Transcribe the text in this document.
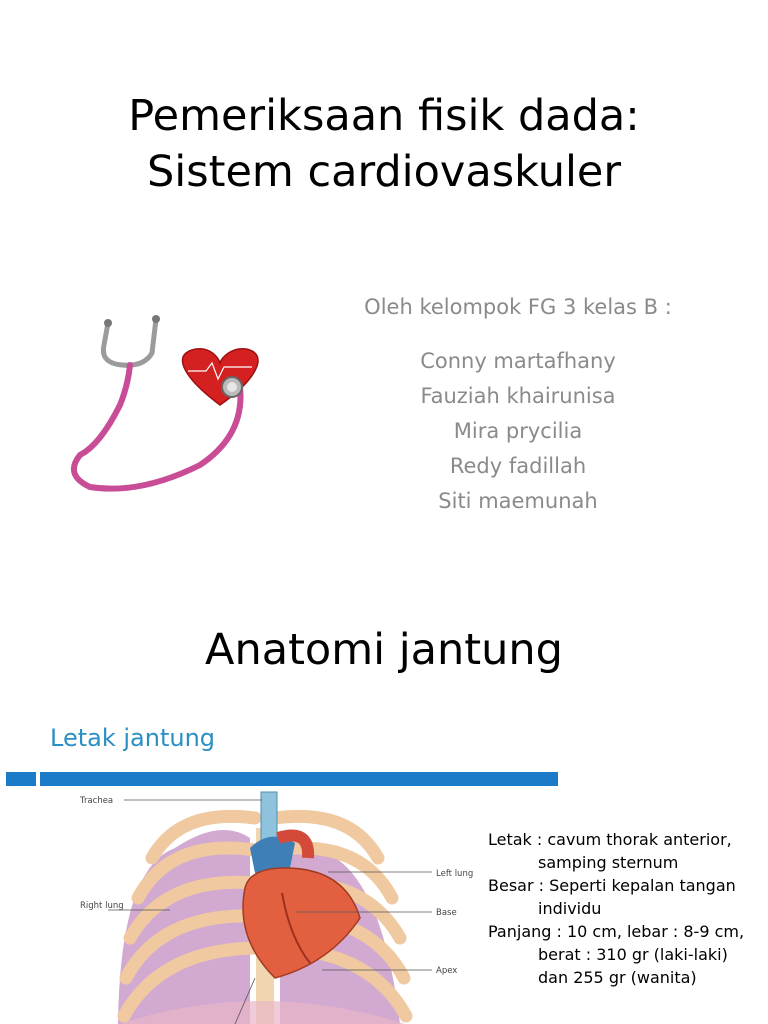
Pemeriksaan fisik dada:
Sistem cardiovaskuler
Oleh kelompok FG 3 kelas B :
Conny martafhany
Fauziah khairunisa
Mira prycilia
Redy fadillah
Siti maemunah
Anatomi jantung
Letak jantung
Trachea
Right lung
Left lung
Base
Apex
Letak : cavum thorak anterior, samping sternum
Besar : Seperti kepalan tangan individu
Panjang : 10 cm, lebar : 8-9 cm, berat : 310 gr (laki-laki) dan 255 gr (wanita)
